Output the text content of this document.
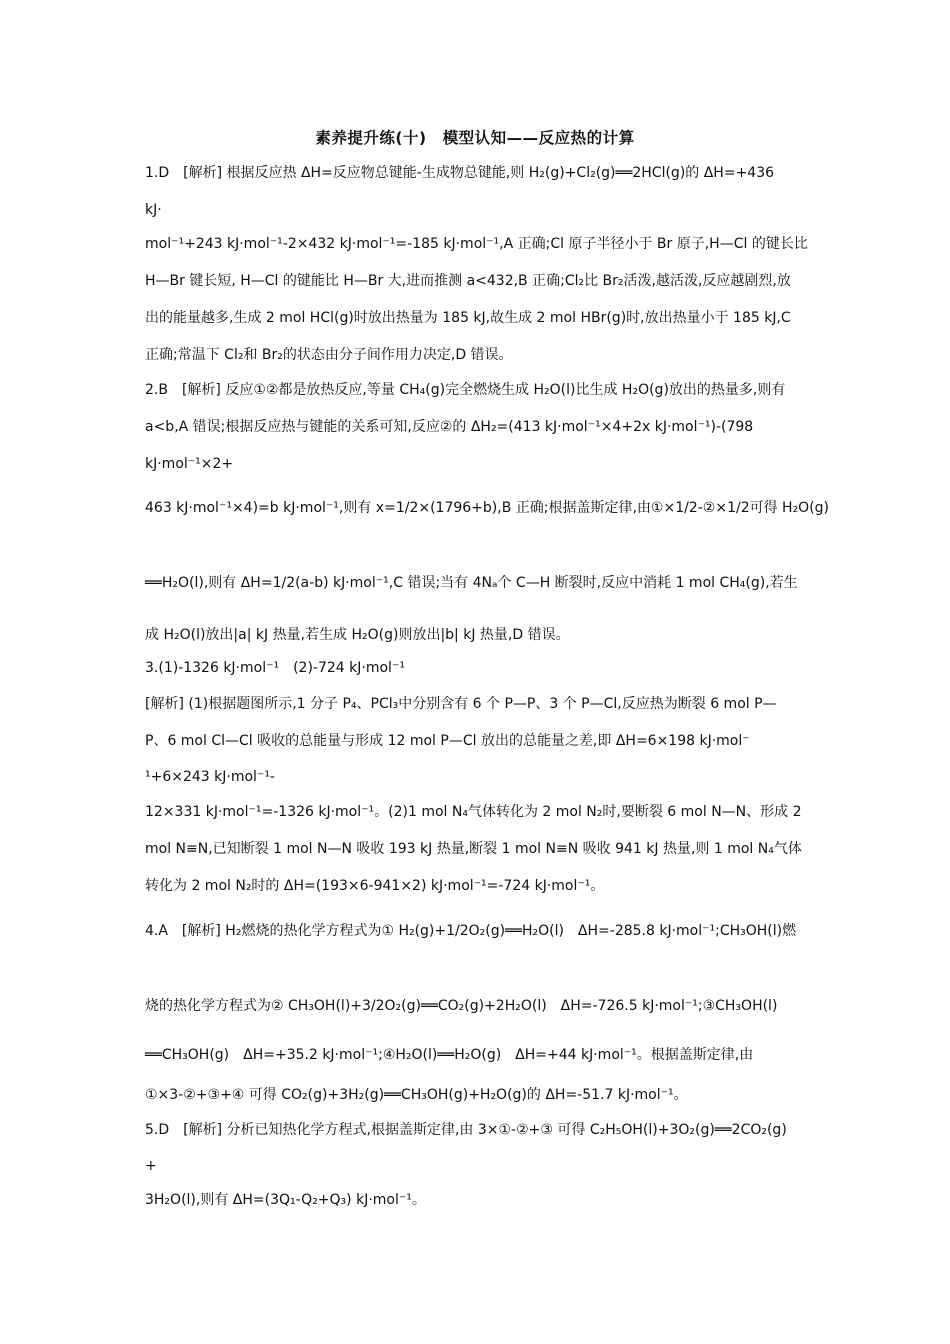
素养提升练(十)　模型认知——反应热的计算
1.D　[解析] 根据反应热 ΔH=反应物总键能-生成物总键能,则 H₂(g)+Cl₂(g)══2HCl(g)的 ΔH=+436
kJ·
mol⁻¹+243 kJ·mol⁻¹-2×432 kJ·mol⁻¹=-185 kJ·mol⁻¹,A 正确;Cl 原子半径小于 Br 原子,H—Cl 的键长比
H—Br 键长短, H—Cl 的键能比 H—Br 大,进而推测 a<432,B 正确;Cl₂比 Br₂活泼,越活泼,反应越剧烈,放
出的能量越多,生成 2 mol HCl(g)时放出热量为 185 kJ,故生成 2 mol HBr(g)时,放出热量小于 185 kJ,C
正确;常温下 Cl₂和 Br₂的状态由分子间作用力决定,D 错误。
2.B　[解析] 反应①②都是放热反应,等量 CH₄(g)完全燃烧生成 H₂O(l)比生成 H₂O(g)放出的热量多,则有
a<b,A 错误;根据反应热与键能的关系可知,反应②的 ΔH₂=(413 kJ·mol⁻¹×4+2x kJ·mol⁻¹)-(798
kJ·mol⁻¹×2+
463 kJ·mol⁻¹×4)=b kJ·mol⁻¹,则有 x=1/2×(1796+b),B 正确;根据盖斯定律,由①×1/2-②×1/2可得 H₂O(g)
══H₂O(l),则有 ΔH=1/2(a-b) kJ·mol⁻¹,C 错误;当有 4Nₐ个 C—H 断裂时,反应中消耗 1 mol CH₄(g),若生
成 H₂O(l)放出|a| kJ 热量,若生成 H₂O(g)则放出|b| kJ 热量,D 错误。
3.(1)-1326 kJ·mol⁻¹　(2)-724 kJ·mol⁻¹
[解析] (1)根据题图所示,1 分子 P₄、PCl₃中分别含有 6 个 P—P、3 个 P—Cl,反应热为断裂 6 mol P—
P、6 mol Cl—Cl 吸收的总能量与形成 12 mol P—Cl 放出的总能量之差,即 ΔH=6×198 kJ·mol⁻
¹+6×243 kJ·mol⁻¹-
12×331 kJ·mol⁻¹=-1326 kJ·mol⁻¹。(2)1 mol N₄气体转化为 2 mol N₂时,要断裂 6 mol N—N、形成 2
mol N≡N,已知断裂 1 mol N—N 吸收 193 kJ 热量,断裂 1 mol N≡N 吸收 941 kJ 热量,则 1 mol N₄气体
转化为 2 mol N₂时的 ΔH=(193×6-941×2) kJ·mol⁻¹=-724 kJ·mol⁻¹。
4.A　[解析] H₂燃烧的热化学方程式为① H₂(g)+1/2O₂(g)══H₂O(l)　ΔH=-285.8 kJ·mol⁻¹;CH₃OH(l)燃
烧的热化学方程式为② CH₃OH(l)+3/2O₂(g)══CO₂(g)+2H₂O(l)　ΔH=-726.5 kJ·mol⁻¹;③CH₃OH(l)
══CH₃OH(g)　ΔH=+35.2 kJ·mol⁻¹;④H₂O(l)══H₂O(g)　ΔH=+44 kJ·mol⁻¹。根据盖斯定律,由
①×3-②+③+④ 可得 CO₂(g)+3H₂(g)══CH₃OH(g)+H₂O(g)的 ΔH=-51.7 kJ·mol⁻¹。
5.D　[解析] 分析已知热化学方程式,根据盖斯定律,由 3×①-②+③ 可得 C₂H₅OH(l)+3O₂(g)══2CO₂(g)
+
3H₂O(l),则有 ΔH=(3Q₁-Q₂+Q₃) kJ·mol⁻¹。
